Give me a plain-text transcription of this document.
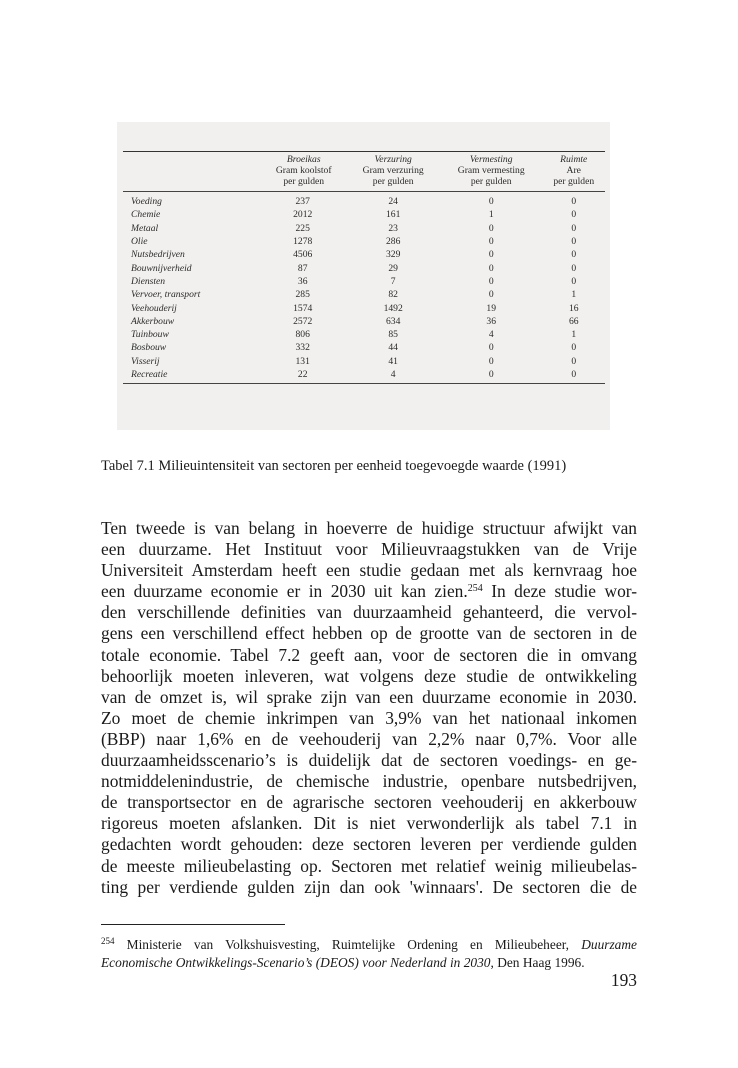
	Broeikas	Verzuring	Vermesting	Ruimte
	Gram koolstof	Gram verzuring	Gram vermesting	Are
	per gulden	per gulden	per gulden	per gulden
Voeding	237	24	0	0
Chemie	2012	161	1	0
Metaal	225	23	0	0
Olie	1278	286	0	0
Nutsbedrijven	4506	329	0	0
Bouwnijverheid	87	29	0	0
Diensten	36	7	0	0
Vervoer, transport	285	82	0	1
Veehouderij	1574	1492	19	16
Akkerbouw	2572	634	36	66
Tuinbouw	806	85	4	1
Bosbouw	332	44	0	0
Visserij	131	41	0	0
Recreatie	22	4	0	0
Tabel 7.1 Milieuintensiteit van sectoren per eenheid toegevoegde waarde (1991)
Ten tweede is van belang in hoeverre de huidige structuur afwijkt van
een duurzame. Het Instituut voor Milieuvraagstukken van de Vrije
Universiteit Amsterdam heeft een studie gedaan met als kernvraag hoe
een duurzame economie er in 2030 uit kan zien.$^{254}$ In deze studie wor-
den verschillende definities van duurzaamheid gehanteerd, die vervol-
gens een verschillend effect hebben op de grootte van de sectoren in de
totale economie. Tabel 7.2 geeft aan, voor de sectoren die in omvang
behoorlijk moeten inleveren, wat volgens deze studie de ontwikkeling
van de omzet is, wil sprake zijn van een duurzame economie in 2030.
Zo moet de chemie inkrimpen van 3,9% van het nationaal inkomen
(BBP) naar 1,6% en de veehouderij van 2,2% naar 0,7%. Voor alle
duurzaamheidsscenario’s is duidelijk dat de sectoren voedings- en ge-
notmiddelenindustrie, de chemische industrie, openbare nutsbedrijven,
de transportsector en de agrarische sectoren veehouderij en akkerbouw
rigoreus moeten afslanken. Dit is niet verwonderlijk als tabel 7.1 in
gedachten wordt gehouden: deze sectoren leveren per verdiende gulden
de meeste milieubelasting op. Sectoren met relatief weinig milieubelas-
ting per verdiende gulden zijn dan ook 'winnaars'. De sectoren die de
$^{254}$ Ministerie van Volkshuisvesting, Ruimtelijke Ordening en Milieubeheer, Duurzame
Economische Ontwikkelings-Scenario’s (DEOS) voor Nederland in 2030, Den Haag 1996.
193
